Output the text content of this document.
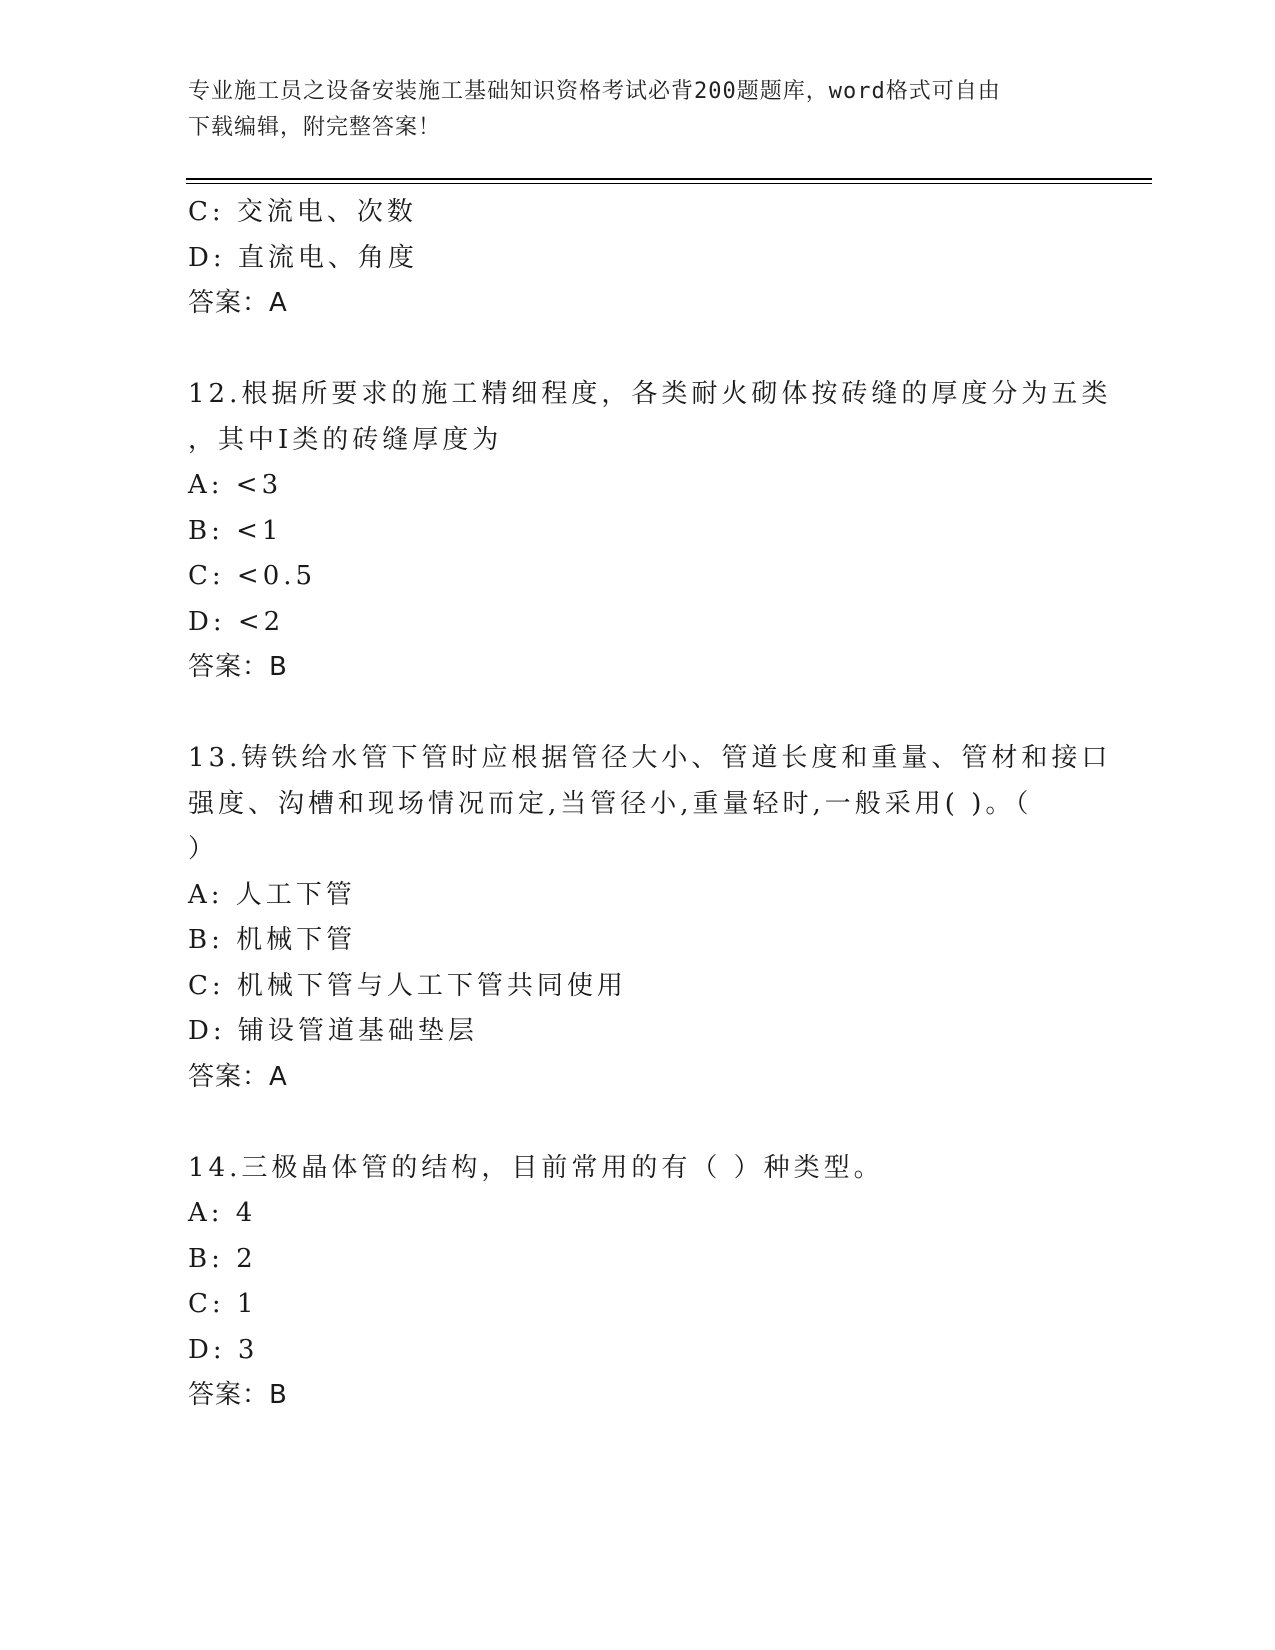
专业施工员之设备安装施工基础知识资格考试必背200题题库，word格式可自由
下载编辑，附完整答案！
C: 交流电、次数
D: 直流电、角度
答案：A
12.根据所要求的施工精细程度，各类耐火砌体按砖缝的厚度分为五类
，其中Ⅰ类的砖缝厚度为
A: <3
B: <1
C: <0.5
D: <2
答案：B
13.铸铁给水管下管时应根据管径大小、管道长度和重量、管材和接口
强度、沟槽和现场情况而定,当管径小,重量轻时,一般采用( )。（
）
A: 人工下管
B: 机械下管
C: 机械下管与人工下管共同使用
D: 铺设管道基础垫层
答案：A
14.三极晶体管的结构，目前常用的有（ ）种类型。
A: 4
B: 2
C: 1
D: 3
答案：B
